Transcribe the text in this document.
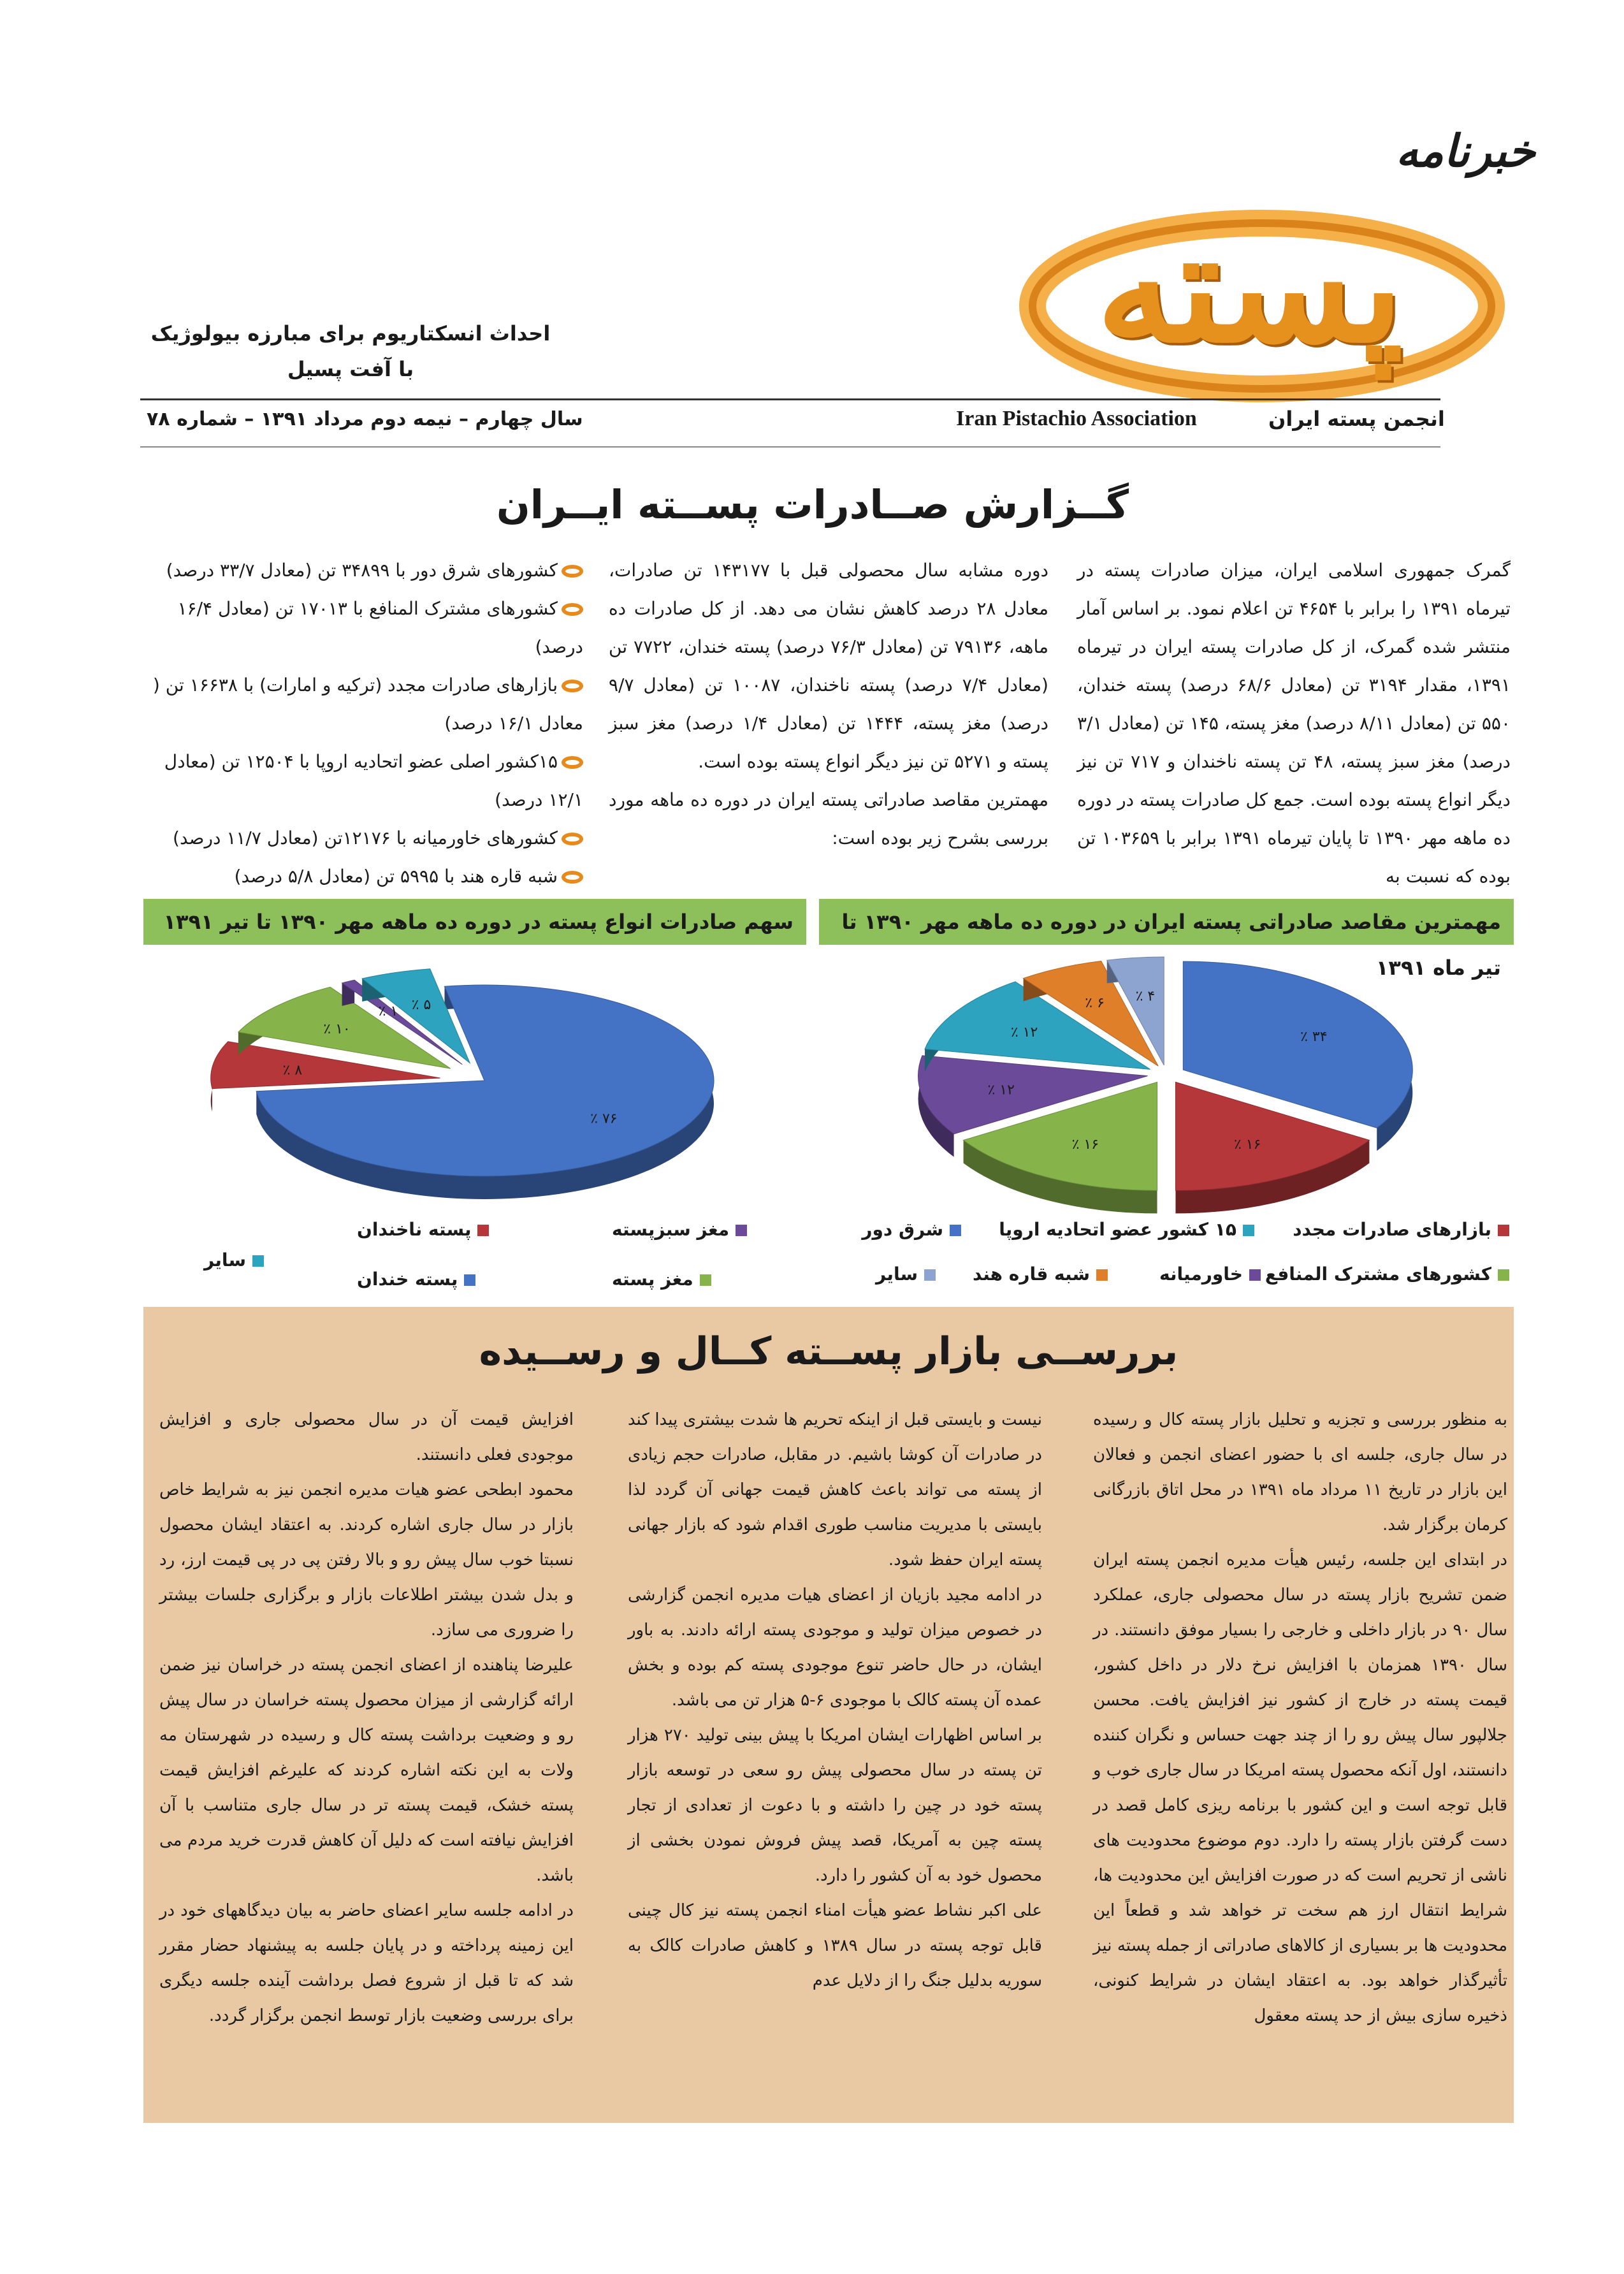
پسته
خبرنامه
احداث انسکتاریوم برای مبارزه بیولوژیک
با آفت پسیل
انجمن پسته ایران
Iran Pistachio Association
سال چهارم – نیمه دوم مرداد ۱۳۹۱ – شماره ۷۸
گــزارش صــادرات پســته ایــران

گمرک جمهوری اسلامی ایران، میزان صادرات پسته در تیرماه ۱۳۹۱ را برابر با ۴۶۵۴ تن اعلام نمود. بر اساس آمار منتشر شده گمرک، از کل صادرات پسته ایران در تیرماه ۱۳۹۱، مقدار ۳۱۹۴ تن (معادل ۶۸/۶ درصد) پسته خندان، ۵۵۰ تن (معادل ۸/۱۱ درصد) مغز پسته، ۱۴۵ تن (معادل ۳/۱ درصد) مغز سبز پسته، ۴۸ تن پسته ناخندان و ۷۱۷ تن نیز دیگر انواع پسته بوده است. جمع کل صادرات پسته در دوره ده ماهه مهر ۱۳۹۰ تا پایان تیرماه ۱۳۹۱ برابر با ۱۰۳۶۵۹ تن بوده که نسبت به

دوره مشابه سال محصولی قبل با ۱۴۳۱۷۷ تن صادرات، معادل ۲۸ درصد کاهش نشان می دهد. از کل صادرات ده ماهه، ۷۹۱۳۶ تن (معادل ۷۶/۳ درصد) پسته خندان، ۷۷۲۲ تن (معادل ۷/۴ درصد) پسته ناخندان، ۱۰۰۸۷ تن (معادل ۹/۷ درصد) مغز پسته، ۱۴۴۴ تن (معادل ۱/۴ درصد) مغز سبز پسته و ۵۲۷۱ تن نیز دیگر انواع پسته بوده است.

مهمترین مقاصد صادراتی پسته ایران در دوره ده ماهه مورد بررسی بشرح زیر بوده است:

کشورهای شرق دور با ۳۴۸۹۹ تن (معادل ۳۳/۷ درصد)

کشورهای مشترک المنافع با ۱۷۰۱۳ تن (معادل ۱۶/۴ درصد)

بازارهای صادرات مجدد (ترکیه و امارات) با ۱۶۶۳۸ تن ( معادل ۱۶/۱ درصد)

۱۵کشور اصلی عضو اتحادیه اروپا با ۱۲۵۰۴ تن (معادل ۱۲/۱ درصد)

کشورهای خاورمیانه با ۱۲۱۷۶تن (معادل ۱۱/۷ درصد)

شبه قاره هند با ۵۹۹۵ تن (معادل ۵/۸ درصد)

مهمترین مقاصد صادراتی پسته ایران در دوره ده ماهه مهر ۱۳۹۰ تا تیر ماه ۱۳۹۱
سهم صادرات انواع پسته در دوره ده ماهه مهر ۱۳۹۰ تا تیر ۱۳۹۱
٪ ۳۴
٪ ۱۶
٪ ۱۶
٪ ۱۲
٪ ۱۲
٪ ۶ ٪ ۴
٪ ۷۶
٪ ۸
٪ ۱۰
٪ ۱ ٪ ۵
بازارهای صادرات مجدد
۱۵ کشور عضو اتحادیه اروپا
شرق دور
کشورهای مشترک المنافع
خاورمیانه
شبه قاره هند
سایر
پسته ناخندان	مغز سبزپسته
سایر
پسته خندان	مغز پسته
بررســی بازار پســته کــال و رســیده

به منظور بررسی و تجزیه و تحلیل بازار پسته کال و رسیده در سال جاری، جلسه ای با حضور اعضای انجمن و فعالان این بازار در تاریخ ۱۱ مرداد ماه ۱۳۹۱ در محل اتاق بازرگانی کرمان برگزار شد.

در ابتدای این جلسه، رئیس هیأت مدیره انجمن پسته ایران ضمن تشریح بازار پسته در سال محصولی جاری، عملکرد سال ۹۰ در بازار داخلی و خارجی را بسیار موفق دانستند. در سال ۱۳۹۰ همزمان با افزایش نرخ دلار در داخل کشور، قیمت پسته در خارج از کشور نیز افزایش یافت. محسن جلالپور سال پیش رو را از چند جهت حساس و نگران کننده دانستند، اول آنکه محصول پسته امریکا در سال جاری خوب و قابل توجه است و این کشور با برنامه ریزی کامل قصد در دست گرفتن بازار پسته را دارد. دوم موضوع محدودیت های ناشی از تحریم است که در صورت افزایش این محدودیت ها، شرایط انتقال ارز هم سخت تر خواهد شد و قطعاً این محدودیت ها بر بسیاری از کالاهای صادراتی از جمله پسته نیز تأثیرگذار خواهد بود. به اعتقاد ایشان در شرایط کنونی، ذخیره سازی بیش از حد پسته معقول

نیست و بایستی قبل از اینکه تحریم ها شدت بیشتری پیدا کند در صادرات آن کوشا باشیم. در مقابل، صادرات حجم زیادی از پسته می تواند باعث کاهش قیمت جهانی آن گردد لذا بایستی با مدیریت مناسب طوری اقدام شود که بازار جهانی پسته ایران حفظ شود.

در ادامه مجید بازیان از اعضای هیات مدیره انجمن گزارشی در خصوص میزان تولید و موجودی پسته ارائه دادند. به باور ایشان، در حال حاضر تنوع موجودی پسته کم بوده و بخش عمده آن پسته کالک با موجودی ۶-۵ هزار تن می باشد.

بر اساس اظهارات ایشان امریکا با پیش بینی تولید ۲۷۰ هزار تن پسته در سال محصولی پیش رو سعی در توسعه بازار پسته خود در چین را داشته و با دعوت از تعدادی از تجار پسته چین به آمریکا، قصد پیش فروش نمودن بخشی از محصول خود به آن کشور را دارد.

علی اکبر نشاط عضو هیأت امناء انجمن پسته نیز کال چینی قابل توجه پسته در سال ۱۳۸۹ و کاهش صادرات کالک به سوریه بدلیل جنگ را از دلایل عدم

افزایش قیمت آن در سال محصولی جاری و افزایش موجودی فعلی دانستند.

محمود ابطحی عضو هیات مدیره انجمن نیز به شرایط خاص بازار در سال جاری اشاره کردند. به اعتقاد ایشان محصول نسبتا خوب سال پیش رو و بالا رفتن پی در پی قیمت ارز، رد و بدل شدن بیشتر اطلاعات بازار و برگزاری جلسات بیشتر را ضروری می سازد.

علیرضا پناهنده از اعضای انجمن پسته در خراسان نیز ضمن ارائه گزارشی از میزان محصول پسته خراسان در سال پیش رو و وضعیت برداشت پسته کال و رسیده در شهرستان مه ولات به این نکته اشاره کردند که علیرغم افزایش قیمت پسته خشک، قیمت پسته تر در سال جاری متناسب با آن افزایش نیافته است که دلیل آن کاهش قدرت خرید مردم می باشد.

در ادامه جلسه سایر اعضای حاضر به بیان دیدگاههای خود در این زمینه پرداخته و در پایان جلسه به پیشنهاد حضار مقرر شد که تا قبل از شروع فصل برداشت آینده جلسه دیگری برای بررسی وضعیت بازار توسط انجمن برگزار گردد.
